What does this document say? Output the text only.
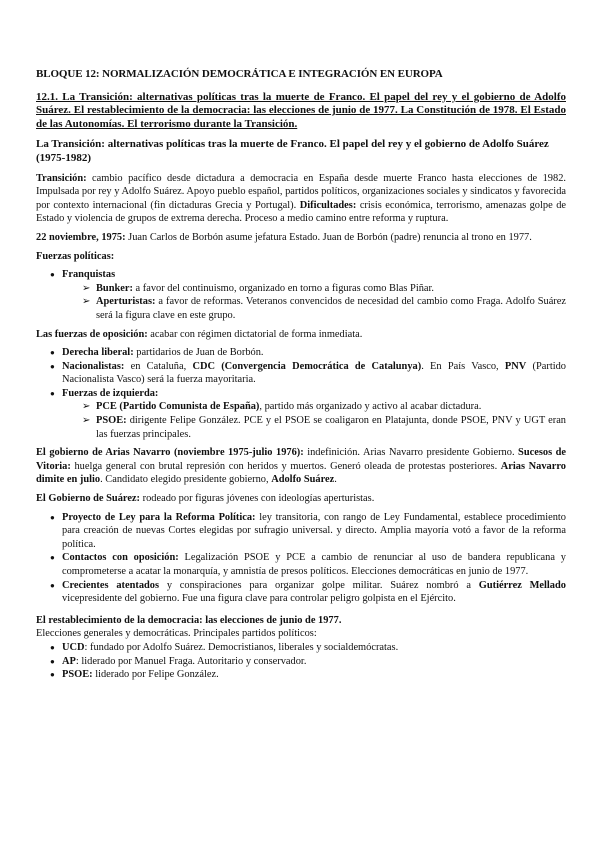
BLOQUE 12: NORMALIZACIÓN DEMOCRÁTICA E INTEGRACIÓN EN EUROPA
12.1. La Transición: alternativas políticas tras la muerte de Franco. El papel del rey y el gobierno de Adolfo Suárez. El restablecimiento de la democracia: las elecciones de junio de 1977. La Constitución de 1978. El Estado de las Autonomías. El terrorismo durante la Transición.
La Transición: alternativas políticas tras la muerte de Franco. El papel del rey y el gobierno de Adolfo Suárez (1975-1982)

Transición: cambio pacífico desde dictadura a democracia en España desde muerte Franco hasta elecciones de 1982. Impulsada por rey y Adolfo Suárez. Apoyo pueblo español, partidos políticos, organizaciones sociales y sindicatos y favorecida por contexto internacional (fin dictaduras Grecia y Portugal). Dificultades: crisis económica, terrorismo, amenazas golpe de Estado y violencia de grupos de extrema derecha. Proceso a medio camino entre reforma y ruptura.

22 noviembre, 1975: Juan Carlos de Borbón asume jefatura Estado. Juan de Borbón (padre) renuncia al trono en 1977.

Fuerzas políticas:
● Franquistas
➢ Bunker: a favor del continuismo, organizado en torno a figuras como Blas Piñar.
➢ Aperturistas: a favor de reformas. Veteranos convencidos de necesidad del cambio como Fraga. Adolfo Suárez será la figura clave en este grupo.

Las fuerzas de oposición: acabar con régimen dictatorial de forma inmediata.

● Derecha liberal: partidarios de Juan de Borbón.
● Nacionalistas: en Cataluña, CDC (Convergencia Democrática de Catalunya). En País Vasco, PNV (Partido Nacionalista Vasco) será la fuerza mayoritaria.
● Fuerzas de izquierda:
➢ PCE (Partido Comunista de España), partido más organizado y activo al acabar dictadura.
➢ PSOE: dirigente Felipe González. PCE y el PSOE se coaligaron en Platajunta, donde PSOE, PNV y UGT eran las fuerzas principales.

El gobierno de Arias Navarro (noviembre 1975-julio 1976): indefinición. Arias Navarro presidente Gobierno. Sucesos de Vitoria: huelga general con brutal represión con heridos y muertos. Generó oleada de protestas posteriores. Arias Navarro dimite en julio. Candidato elegido presidente gobierno, Adolfo Suárez.

El Gobierno de Suárez: rodeado por figuras jóvenes con ideologías aperturistas.

● Proyecto de Ley para la Reforma Política: ley transitoria, con rango de Ley Fundamental, establece procedimiento para creación de nuevas Cortes elegidas por sufragio universal. y directo. Amplia mayoría votó a favor de la reforma política.
● Contactos con oposición: Legalización PSOE y PCE a cambio de renunciar al uso de bandera republicana y comprometerse a acatar la monarquía, y amnistía de presos políticos. Elecciones democráticas en junio de 1977.
● Crecientes atentados y conspiraciones para organizar golpe militar. Suárez nombró a Gutiérrez Mellado vicepresidente del gobierno. Fue una figura clave para controlar peligro golpista en el Ejército.
El restablecimiento de la democracia: las elecciones de junio de 1977.
Elecciones generales y democráticas. Principales partidos políticos:
● UCD: fundado por Adolfo Suárez. Democristianos, liberales y socialdemócratas.
● AP: liderado por Manuel Fraga. Autoritario y conservador.
● PSOE: liderado por Felipe González.
